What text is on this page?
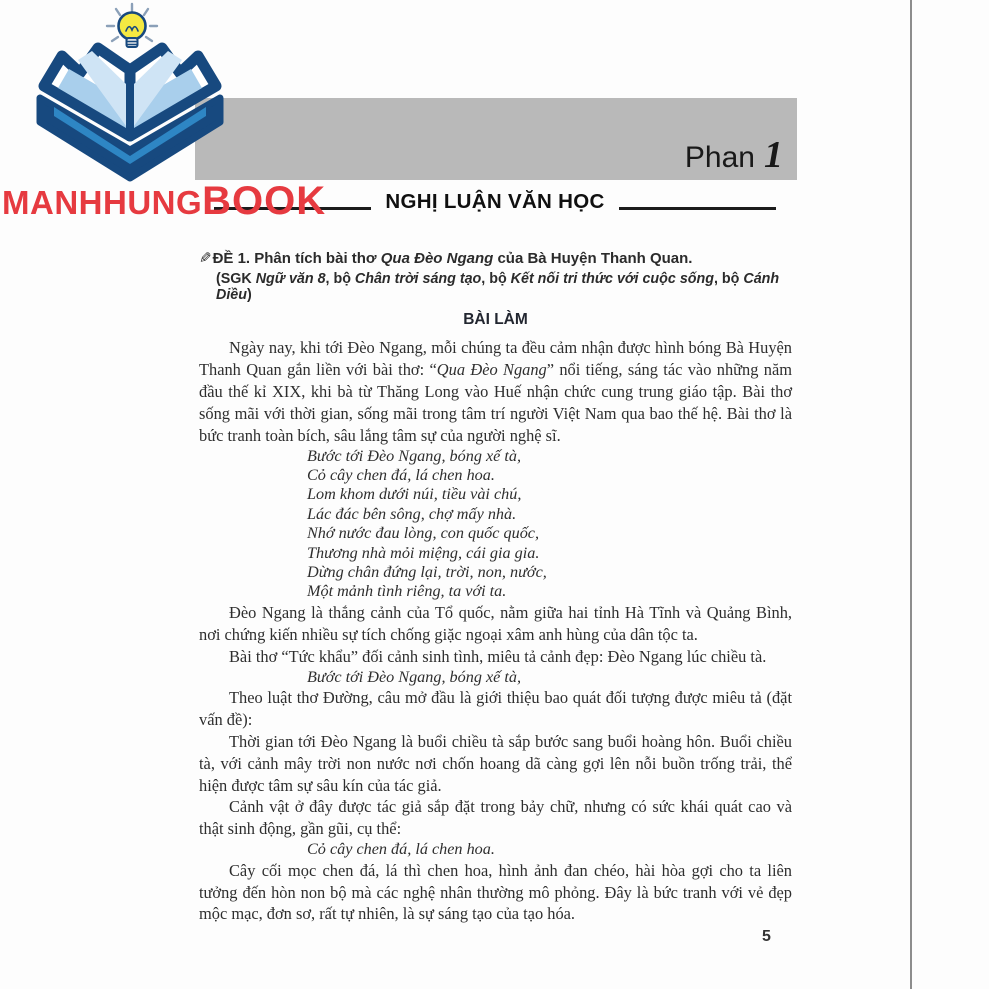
MANHHUNG BOOK
Phan 1
NGHỊ LUẬN VĂN HỌC
✎ĐỀ 1. Phân tích bài thơ Qua Đèo Ngang của Bà Huyện Thanh Quan.
(SGK Ngữ văn 8, bộ Chân trời sáng tạo, bộ Kết nối tri thức với cuộc sống, bộ Cánh Diều)
BÀI LÀM

Ngày nay, khi tới Đèo Ngang, mỗi chúng ta đều cảm nhận được hình bóng Bà Huyện Thanh Quan gắn liền với bài thơ: “Qua Đèo Ngang” nổi tiếng, sáng tác vào những năm đầu thế kỉ XIX, khi bà từ Thăng Long vào Huế nhận chức cung trung giáo tập. Bài thơ sống mãi với thời gian, sống mãi trong tâm trí người Việt Nam qua bao thế hệ. Bài thơ là bức tranh toàn bích, sâu lắng tâm sự của người nghệ sĩ.

Bước tới Đèo Ngang, bóng xế tà,
Cỏ cây chen đá, lá chen hoa.
Lom khom dưới núi, tiều vài chú,
Lác đác bên sông, chợ mấy nhà.
Nhớ nước đau lòng, con quốc quốc,
Thương nhà mỏi miệng, cái gia gia.
Dừng chân đứng lại, trời, non, nước,
Một mảnh tình riêng, ta với ta.

Đèo Ngang là thắng cảnh của Tổ quốc, nằm giữa hai tỉnh Hà Tĩnh và Quảng Bình, nơi chứng kiến nhiều sự tích chống giặc ngoại xâm anh hùng của dân tộc ta.

Bài thơ “Tức khẩu” đối cảnh sinh tình, miêu tả cảnh đẹp: Đèo Ngang lúc chiều tà.

Bước tới Đèo Ngang, bóng xế tà,

Theo luật thơ Đường, câu mở đầu là giới thiệu bao quát đối tượng được miêu tả (đặt vấn đề):

Thời gian tới Đèo Ngang là buổi chiều tà sắp bước sang buổi hoàng hôn. Buổi chiều tà, với cảnh mây trời non nước nơi chốn hoang dã càng gợi lên nỗi buồn trống trải, thể hiện được tâm sự sâu kín của tác giả.

Cảnh vật ở đây được tác giả sắp đặt trong bảy chữ, nhưng có sức khái quát cao và thật sinh động, gần gũi, cụ thể:

Cỏ cây chen đá, lá chen hoa.

Cây cối mọc chen đá, lá thì chen hoa, hình ảnh đan chéo, hài hòa gợi cho ta liên tưởng đến hòn non bộ mà các nghệ nhân thường mô phỏng. Đây là bức tranh với vẻ đẹp mộc mạc, đơn sơ, rất tự nhiên, là sự sáng tạo của tạo hóa.

5
